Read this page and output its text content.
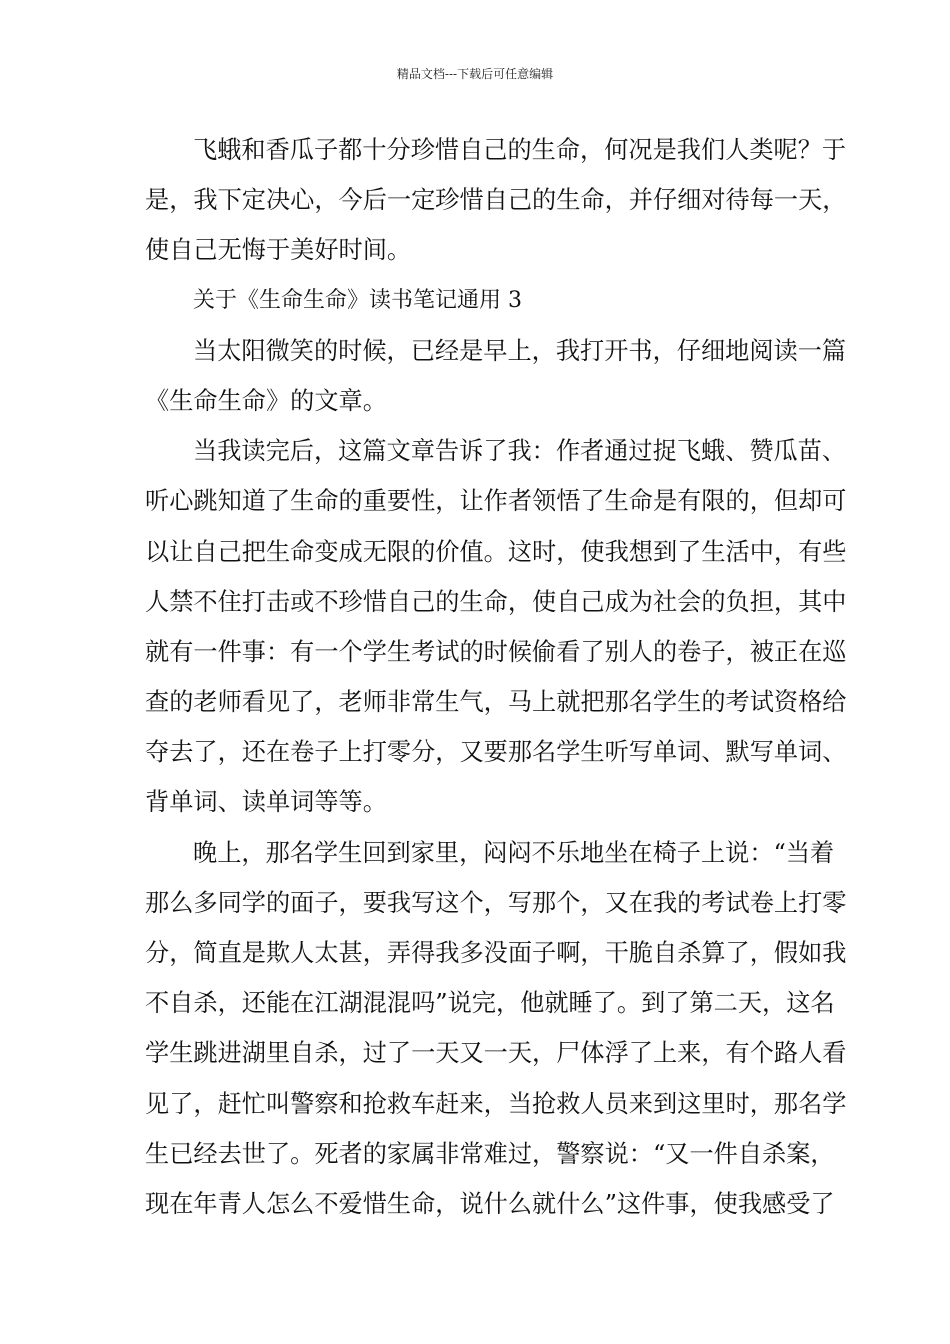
精品文档---下载后可任意编辑
飞蛾和香瓜子都十分珍惜自己的生命，何况是我们人类呢？于
是，我下定决心，今后一定珍惜自己的生命，并仔细对待每一天，
使自己无悔于美好时间。
关于《生命生命》读书笔记通用 3
当太阳微笑的时候，已经是早上，我打开书，仔细地阅读一篇
《生命生命》的文章。
当我读完后，这篇文章告诉了我：作者通过捉飞蛾、赞瓜苗、
听心跳知道了生命的重要性，让作者领悟了生命是有限的，但却可
以让自己把生命变成无限的价值。这时，使我想到了生活中，有些
人禁不住打击或不珍惜自己的生命，使自己成为社会的负担，其中
就有一件事：有一个学生考试的时候偷看了别人的卷子，被正在巡
查的老师看见了，老师非常生气，马上就把那名学生的考试资格给
夺去了，还在卷子上打零分，又要那名学生听写单词、默写单词、
背单词、读单词等等。
晚上，那名学生回到家里，闷闷不乐地坐在椅子上说：“当着
那么多同学的面子，要我写这个，写那个，又在我的考试卷上打零
分，简直是欺人太甚，弄得我多没面子啊，干脆自杀算了，假如我
不自杀，还能在江湖混混吗”说完，他就睡了。到了第二天，这名
学生跳进湖里自杀，过了一天又一天，尸体浮了上来，有个路人看
见了，赶忙叫警察和抢救车赶来，当抢救人员来到这里时，那名学
生已经去世了。死者的家属非常难过，警察说：“又一件自杀案，
现在年青人怎么不爱惜生命，说什么就什么”这件事，使我感受了
